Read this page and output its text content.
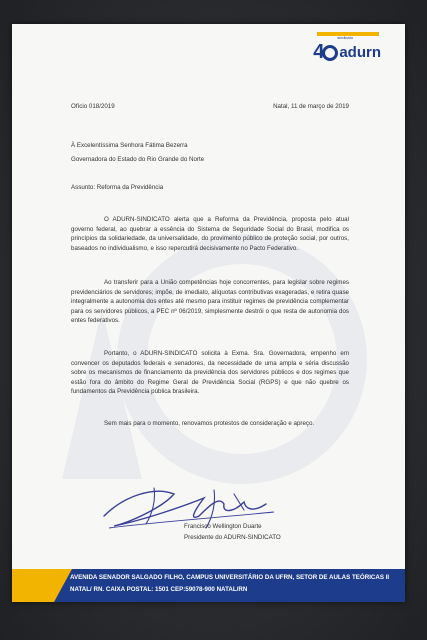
sindicato
4 adurn
Ofício 018/2019	Natal, 11 de março de 2019
À Excelentíssima Senhora Fátima Bezerra
Governadora do Estado do Rio Grande do Norte
Assunto: Reforma da Previdência
O ADURN-SINDICATO alerta que a Reforma da Previdência, proposta pelo atual governo federal, ao quebrar a essência do Sistema de Seguridade Social do Brasil, modifica os princípios da solidariedade, da universalidade, do provimento público de proteção social, por outros, baseados no individualismo, e isso repercutirá decisivamente no Pacto Federativo.
Ao transferir para a União competências hoje concorrentes, para legislar sobre regimes previdenciários de servidores; impõe, de imediato, alíquotas contributivas exageradas, e retira quase integralmente a autonomia dos entes até mesmo para instituir regimes de previdência complementar para os servidores públicos, a PEC nº 06/2019, simplesmente destrói o que resta de autonomia dos entes federativos.
Portanto, o ADURN-SINDICATO solicita à Exma. Sra. Governadora, empenho em convencer os deputados federais e senadores, da necessidade de uma ampla e séria discussão sobre os mecanismos de financiamento da previdência dos servidores públicos e dos regimes que estão fora do âmbito do Regime Geral de Previdência Social (RGPS) e que não quebre os fundamentos da Previdência pública brasileira.
Sem mais para o momento, renovamos protestos de consideração e apreço.
Francisco Wellington Duarte
Presidente do ADURN-SINDICATO
AVENIDA SENADOR SALGADO FILHO, CAMPUS UNIVERSITÁRIO DA UFRN, SETOR DE AULAS TEÓRICAS II
NATAL/ RN. CAIXA POSTAL: 1501 CEP:59078-900 NATAL/RN
